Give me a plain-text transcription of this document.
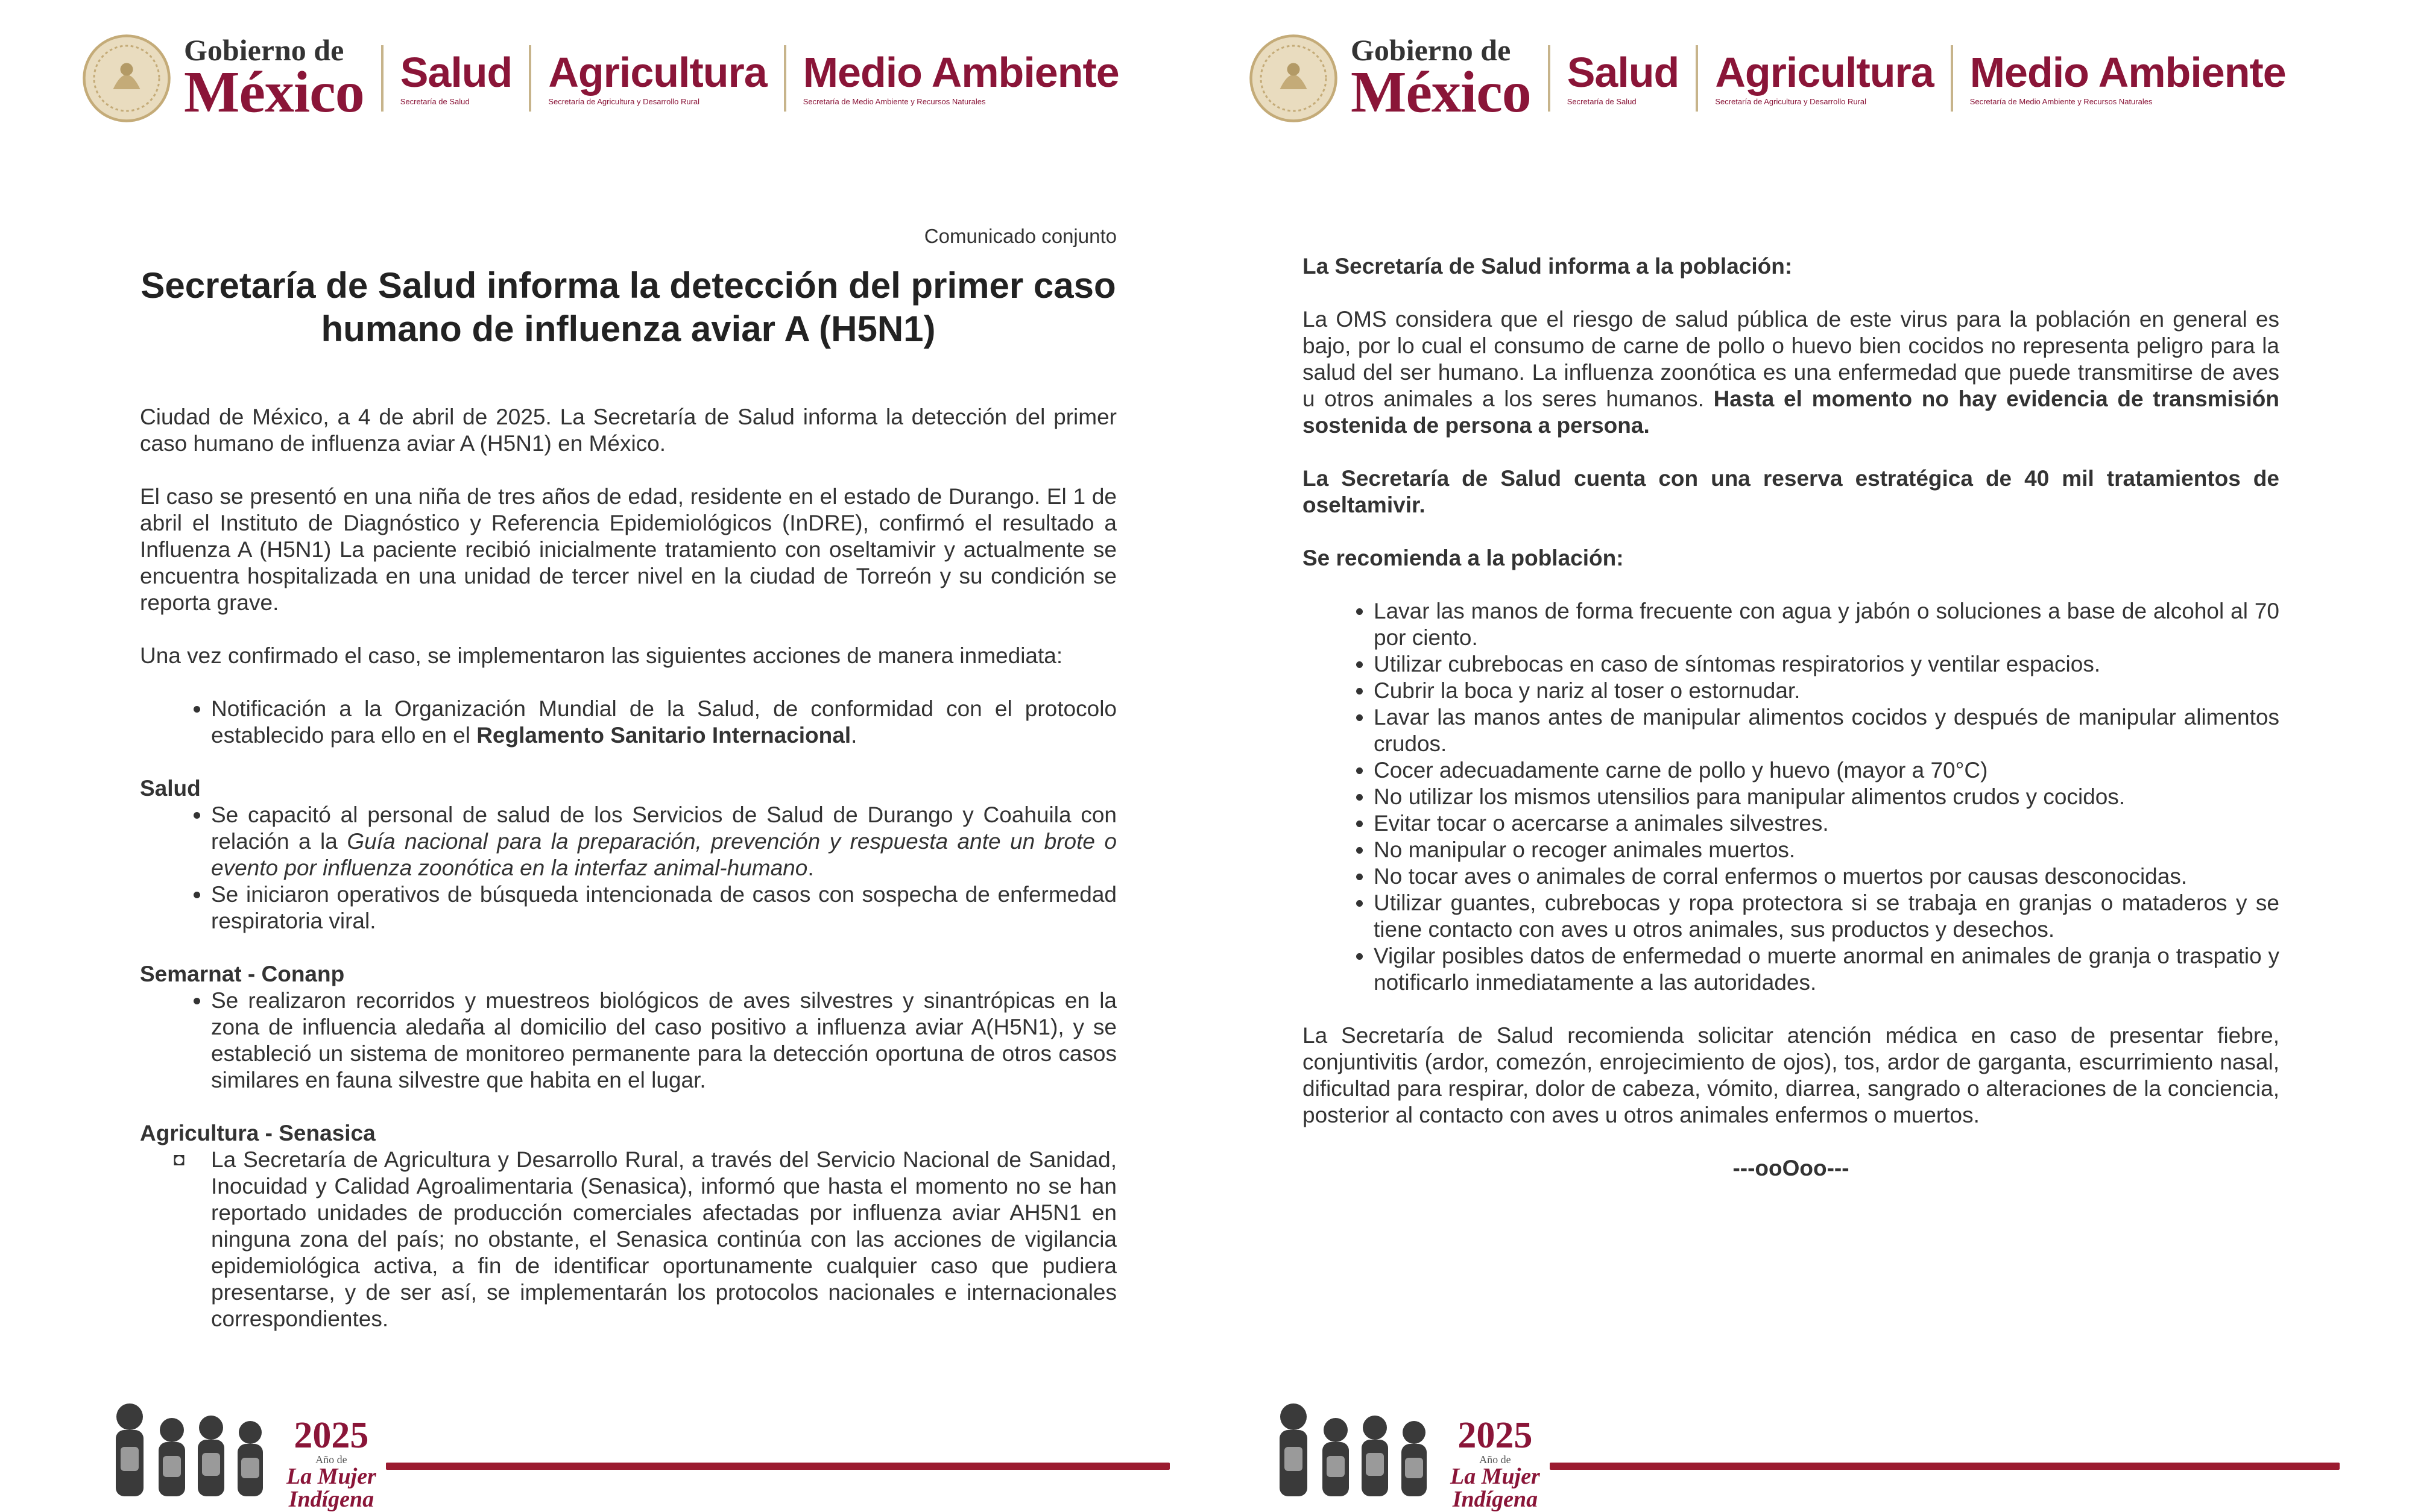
Gobierno de
México Salud
Secretaría de Salud
Agricultura
Secretaría de Agricultura y Desarrollo Rural
Medio Ambiente
Secretaría de Medio Ambiente y Recursos Naturales
Comunicado conjunto
Secretaría de Salud informa la detección del primer caso humano de influenza aviar A (H5N1)

Ciudad de México, a 4 de abril de 2025. La Secretaría de Salud informa la detección del primer caso humano de influenza aviar A (H5N1) en México.

El caso se presentó en una niña de tres años de edad, residente en el estado de Durango. El 1 de abril el Instituto de Diagnóstico y Referencia Epidemiológicos (InDRE), confirmó el resultado a Influenza A (H5N1) La paciente recibió inicialmente tratamiento con oseltamivir y actualmente se encuentra hospitalizada en una unidad de tercer nivel en la ciudad de Torreón y su condición se reporta grave.

Una vez confirmado el caso, se implementaron las siguientes acciones de manera inmediata:

• Notificación a la Organización Mundial de la Salud, de conformidad con el protocolo establecido para ello en el Reglamento Sanitario Internacional.
Salud
• Se capacitó al personal de salud de los Servicios de Salud de Durango y Coahuila con relación a la Guía nacional para la preparación, prevención y respuesta ante un brote o evento por influenza zoonótica en la interfaz animal-humano.
• Se iniciaron operativos de búsqueda intencionada de casos con sospecha de enfermedad respiratoria viral.
Semarnat - Conanp
• Se realizaron recorridos y muestreos biológicos de aves silvestres y sinantrópicas en la zona de influencia aledaña al domicilio del caso positivo a influenza aviar A(H5N1), y se estableció un sistema de monitoreo permanente para la detección oportuna de otros casos similares en fauna silvestre que habita en el lugar.
Agricultura - Senasica
◘ La Secretaría de Agricultura y Desarrollo Rural, a través del Servicio Nacional de Sanidad, Inocuidad y Calidad Agroalimentaria (Senasica), informó que hasta el momento no se han reportado unidades de producción comerciales afectadas por influenza aviar AH5N1 en ninguna zona del país; no obstante, el Senasica continúa con las acciones de vigilancia epidemiológica activa, a fin de identificar oportunamente cualquier caso que pudiera presentarse, y de ser así, se implementarán los protocolos nacionales e internacionales correspondientes.
2025
Año de
La Mujer
Indígena
Gobierno de
México Salud
Secretaría de Salud
Agricultura
Secretaría de Agricultura y Desarrollo Rural
Medio Ambiente
Secretaría de Medio Ambiente y Recursos Naturales
La Secretaría de Salud informa a la población:

La OMS considera que el riesgo de salud pública de este virus para la población en general es bajo, por lo cual el consumo de carne de pollo o huevo bien cocidos no representa peligro para la salud del ser humano. La influenza zoonótica es una enfermedad que puede transmitirse de aves u otros animales a los seres humanos. Hasta el momento no hay evidencia de transmisión sostenida de persona a persona.

La Secretaría de Salud cuenta con una reserva estratégica de 40 mil tratamientos de oseltamivir.

Se recomienda a la población:
• Lavar las manos de forma frecuente con agua y jabón o soluciones a base de alcohol al 70 por ciento.
• Utilizar cubrebocas en caso de síntomas respiratorios y ventilar espacios.
• Cubrir la boca y nariz al toser o estornudar.
• Lavar las manos antes de manipular alimentos cocidos y después de manipular alimentos crudos.
• Cocer adecuadamente carne de pollo y huevo (mayor a 70°C)
• No utilizar los mismos utensilios para manipular alimentos crudos y cocidos.
• Evitar tocar o acercarse a animales silvestres.
• No manipular o recoger animales muertos.
• No tocar aves o animales de corral enfermos o muertos por causas desconocidas.
• Utilizar guantes, cubrebocas y ropa protectora si se trabaja en granjas o mataderos y se tiene contacto con aves u otros animales, sus productos y desechos.
• Vigilar posibles datos de enfermedad o muerte anormal en animales de granja o traspatio y notificarlo inmediatamente a las autoridades.

La Secretaría de Salud recomienda solicitar atención médica en caso de presentar fiebre, conjuntivitis (ardor, comezón, enrojecimiento de ojos), tos, ardor de garganta, escurrimiento nasal, dificultad para respirar, dolor de cabeza, vómito, diarrea, sangrado o alteraciones de la conciencia, posterior al contacto con aves u otros animales enfermos o muertos.

---ooOoo---
2025
Año de
La Mujer
Indígena
